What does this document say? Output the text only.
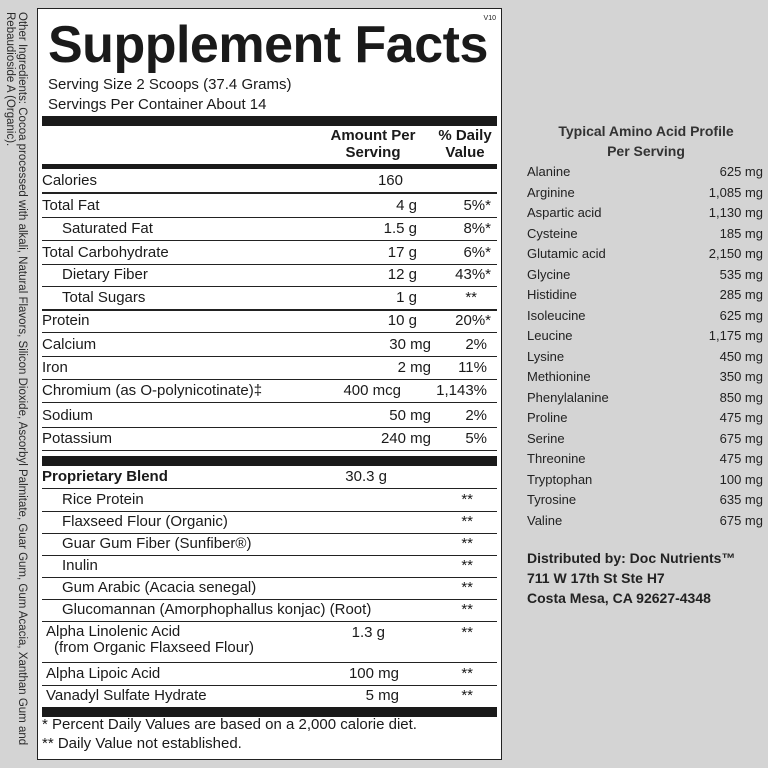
Other Ingredients: Cocoa processed with alkali, Natural Flavors, Silicon Dioxide, Ascorbyl Palmitate, Guar Gum, Gum Acacia, Xanthan Gum and Rebaudioside A (Organic).	V10
Supplement Facts
Serving Size 2 Scoops (37.4 Grams)
Servings Per Container About 14
Amount Per
Serving
% Daily
Value
Calories	160
Total Fat	4 g	5%*
Saturated Fat	1.5 g	8%*
Total Carbohydrate	17 g	6%*
Dietary Fiber	12 g	43%*
Total Sugars	1 g	**
Protein	10 g	20%*
Calcium	30 mg 2%
Iron	2 mg 11%
Chromium (as O-polynicotinate)‡	400 mcg 1,143%
Sodium	50 mg 2%
Potassium	240 mg 5%
Proprietary Blend	30.3 g
Rice Protein	**
Flaxseed Flour (Organic)	**
Guar Gum Fiber (Sunfiber®)	**
Inulin	**
Gum Arabic (Acacia senegal)	**
Glucomannan (Amorphophallus konjac) (Root)	**
Alpha Linolenic Acid
(from Organic Flaxseed Flour)
1.3 g	**
Alpha Lipoic Acid	100 mg	**
Vanadyl Sulfate Hydrate	5 mg	**
* Percent Daily Values are based on a 2,000 calorie diet.
** Daily Value not established.
Typical Amino Acid Profile
Per Serving
Alanine	625 mg
Arginine	1,085 mg
Aspartic acid	1,130 mg
Cysteine	185 mg
Glutamic acid	2,150 mg
Glycine	535 mg
Histidine	285 mg
Isoleucine	625 mg
Leucine	1,175 mg
Lysine	450 mg
Methionine	350 mg
Phenylalanine	850 mg
Proline	475 mg
Serine	675 mg
Threonine	475 mg
Tryptophan	100 mg
Tyrosine	635 mg
Valine	675 mg
Distributed by: Doc Nutrients™
711 W 17th St Ste H7
Costa Mesa, CA 92627-4348
